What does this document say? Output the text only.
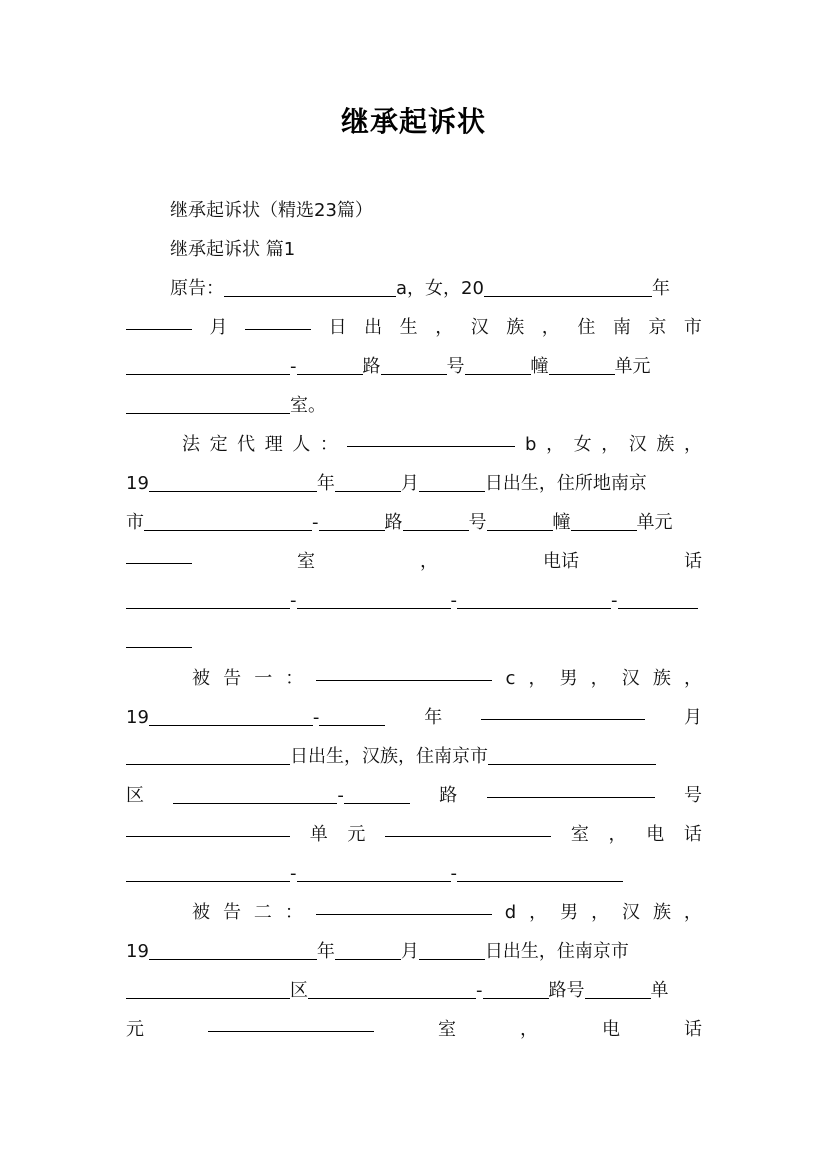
继承起诉状
继承起诉状（精选23篇）
继承起诉状 篇1
原告：	a，女，20	年
月	日 出 生 ， 汉 族 ， 住 南 京 市
-	路	号	幢	单元
室。
法 定 代 理 人 ：	b ， 女 ， 汉 族 ，
19	年	月	日出生，住所地南京
市	-	路	号	幢	单元
室	，	电话	话
-	-	-
被 告 一 ：	c ， 男 ， 汉 族 ，
19	-	年	月
日出生，汉族，住南京市
区	-	路	号
单 元	室 ， 电 话
-	-
被 告 二 ：	d ， 男 ， 汉 族 ，
19	年	月	日出生，住南京市
区	-	路号	单
元	室	，	电	话
